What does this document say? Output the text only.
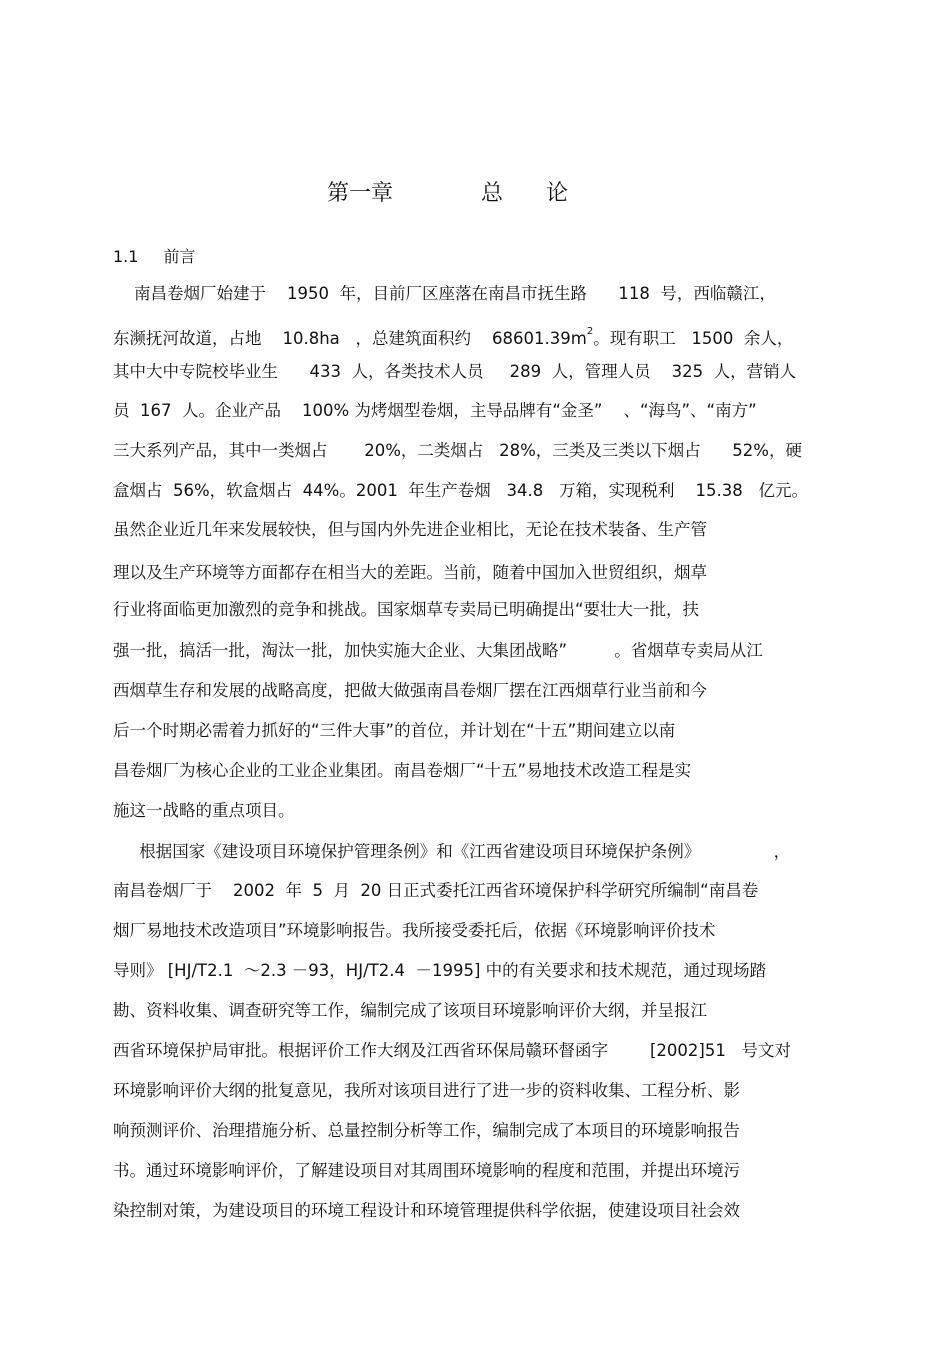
第一章	总 论
1.1 前言
南昌卷烟厂始建于    1950  年，目前厂区座落在南昌市抚生路      118  号，西临赣江，
东濒抚河故道，占地    10.8ha   ，总建筑面积约    $68601.39m^2$。现有职工   1500  余人，
其中大中专院校毕业生      433  人，各类技术人员     289  人，管理人员    325  人，营销人
员  167  人。企业产品    100% 为烤烟型卷烟，主导品牌有“金圣”    、“海鸟”、“南方”
三大系列产品，其中一类烟占       20%，二类烟占   28%，三类及三类以下烟占      52%，硬
盒烟占  56%，软盒烟占  44%。2001  年生产卷烟   34.8   万箱，实现税利    15.38   亿元。
虽然企业近几年来发展较快，但与国内外先进企业相比，无论在技术装备、生产管
理以及生产环境等方面都存在相当大的差距。当前，随着中国加入世贸组织，烟草
行业将面临更加激烈的竞争和挑战。国家烟草专卖局已明确提出“要壮大一批，扶
强一批，搞活一批，淘汰一批，加快实施大企业、大集团战略”         。省烟草专卖局从江
西烟草生存和发展的战略高度，把做大做强南昌卷烟厂摆在江西烟草行业当前和今
后一个时期必需着力抓好的“三件大事”的首位，并计划在“十五”期间建立以南
昌卷烟厂为核心企业的工业企业集团。南昌卷烟厂“十五”易地技术改造工程是实
施这一战略的重点项目。
根据国家《建设项目环境保护管理条例》和《江西省建设项目环境保护条例》              ，
南昌卷烟厂于    2002  年  5  月  20 日正式委托江西省环境保护科学研究所编制“南昌卷
烟厂易地技术改造项目”环境影响报告。我所接受委托后，依据《环境影响评价技术
导则》 [HJ/T2.1  ～2.3 －93，HJ/T2.4  －1995] 中的有关要求和技术规范，通过现场踏
勘、资料收集、调查研究等工作，编制完成了该项目环境影响评价大纲，并呈报江
西省环境保护局审批。根据评价工作大纲及江西省环保局赣环督函字        [2002]51   号文对
环境影响评价大纲的批复意见，我所对该项目进行了进一步的资料收集、工程分析、影
响预测评价、治理措施分析、总量控制分析等工作，编制完成了本项目的环境影响报告
书。通过环境影响评价，了解建设项目对其周围环境影响的程度和范围，并提出环境污
染控制对策，为建设项目的环境工程设计和环境管理提供科学依据，使建设项目社会效
